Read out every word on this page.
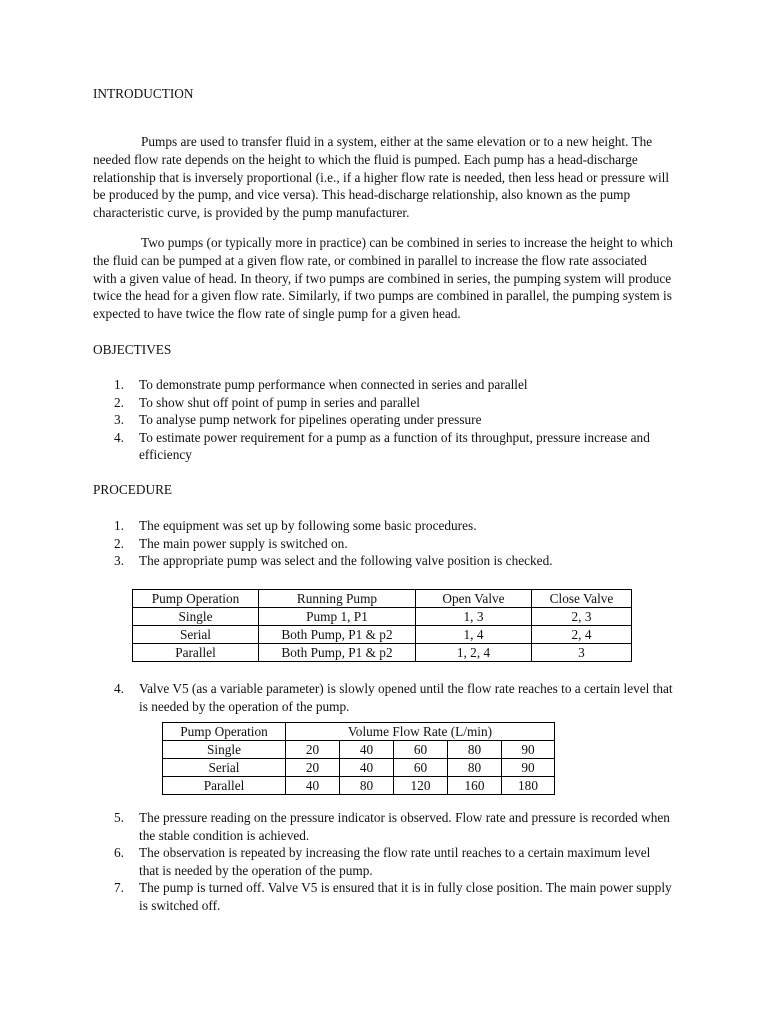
INTRODUCTION
Pumps are used to transfer fluid in a system, either at the same elevation or to a new height. The needed flow rate depends on the height to which the fluid is pumped. Each pump has a head-discharge relationship that is inversely proportional (i.e., if a higher flow rate is needed, then less head or pressure will be produced by the pump, and vice versa). This head-discharge relationship, also known as the pump characteristic curve, is provided by the pump manufacturer.
Two pumps (or typically more in practice) can be combined in series to increase the height to which the fluid can be pumped at a given flow rate, or combined in parallel to increase the flow rate associated with a given value of head. In theory, if two pumps are combined in series, the pumping system will produce twice the head for a given flow rate. Similarly, if two pumps are combined in parallel, the pumping system is expected to have twice the flow rate of single pump for a given head.
OBJECTIVES
1. To demonstrate pump performance when connected in series and parallel
2. To show shut off point of pump in series and parallel
3. To analyse pump network for pipelines operating under pressure
4. To estimate power requirement for a pump as a function of its throughput, pressure increase and efficiency
PROCEDURE
1. The equipment was set up by following some basic procedures.
2. The main power supply is switched on.
3. The appropriate pump was select and the following valve position is checked.
Pump Operation	Running Pump	Open Valve	Close Valve
Single	Pump 1, P1	1, 3	2, 3
Serial	Both Pump, P1 & p2	1, 4	2, 4
Parallel	Both Pump, P1 & p2	1, 2, 4	3
4. Valve V5 (as a variable parameter) is slowly opened until the flow rate reaches to a certain level that is needed by the operation of the pump.
Pump Operation	Volume Flow Rate (L/min)				
Single	20	40	60	80	90
Serial	20	40	60	80	90
Parallel	40	80	120	160	180
5. The pressure reading on the pressure indicator is observed. Flow rate and pressure is recorded when the stable condition is achieved.
6. The observation is repeated by increasing the flow rate until reaches to a certain maximum level that is needed by the operation of the pump.
7. The pump is turned off. Valve V5 is ensured that it is in fully close position. The main power supply is switched off.
